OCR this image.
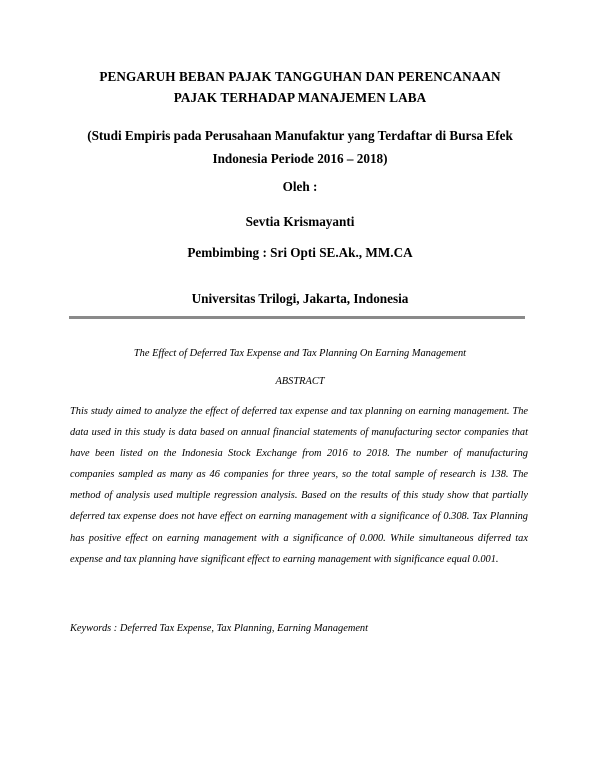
PENGARUH BEBAN PAJAK TANGGUHAN DAN PERENCANAAN
PAJAK TERHADAP MANAJEMEN LABA
(Studi Empiris pada Perusahaan Manufaktur yang Terdaftar di Bursa Efek
Indonesia Periode 2016 – 2018)
Oleh :
Sevtia Krismayanti
Pembimbing : Sri Opti SE.Ak., MM.CA
Universitas Trilogi, Jakarta, Indonesia
The Effect of Deferred Tax Expense and Tax Planning On Earning Management
ABSTRACT
This study aimed to analyze the effect of deferred tax expense and tax planning on earning management. The data used in this study is data based on annual financial statements of manufacturing sector companies that have been listed on the Indonesia Stock Exchange from 2016 to 2018. The number of manufacturing companies sampled as many as 46 companies for three years, so the total sample of research is 138. The method of analysis used multiple regression analysis. Based on the results of this study show that partially deferred tax expense does not have effect on earning management with a significance of 0.308. Tax Planning has positive effect on earning management with a significance of 0.000. While simultaneous diferred tax expense and tax planning have significant effect to earning management with significance equal 0.001.
Keywords : Deferred Tax Expense, Tax Planning, Earning Management
